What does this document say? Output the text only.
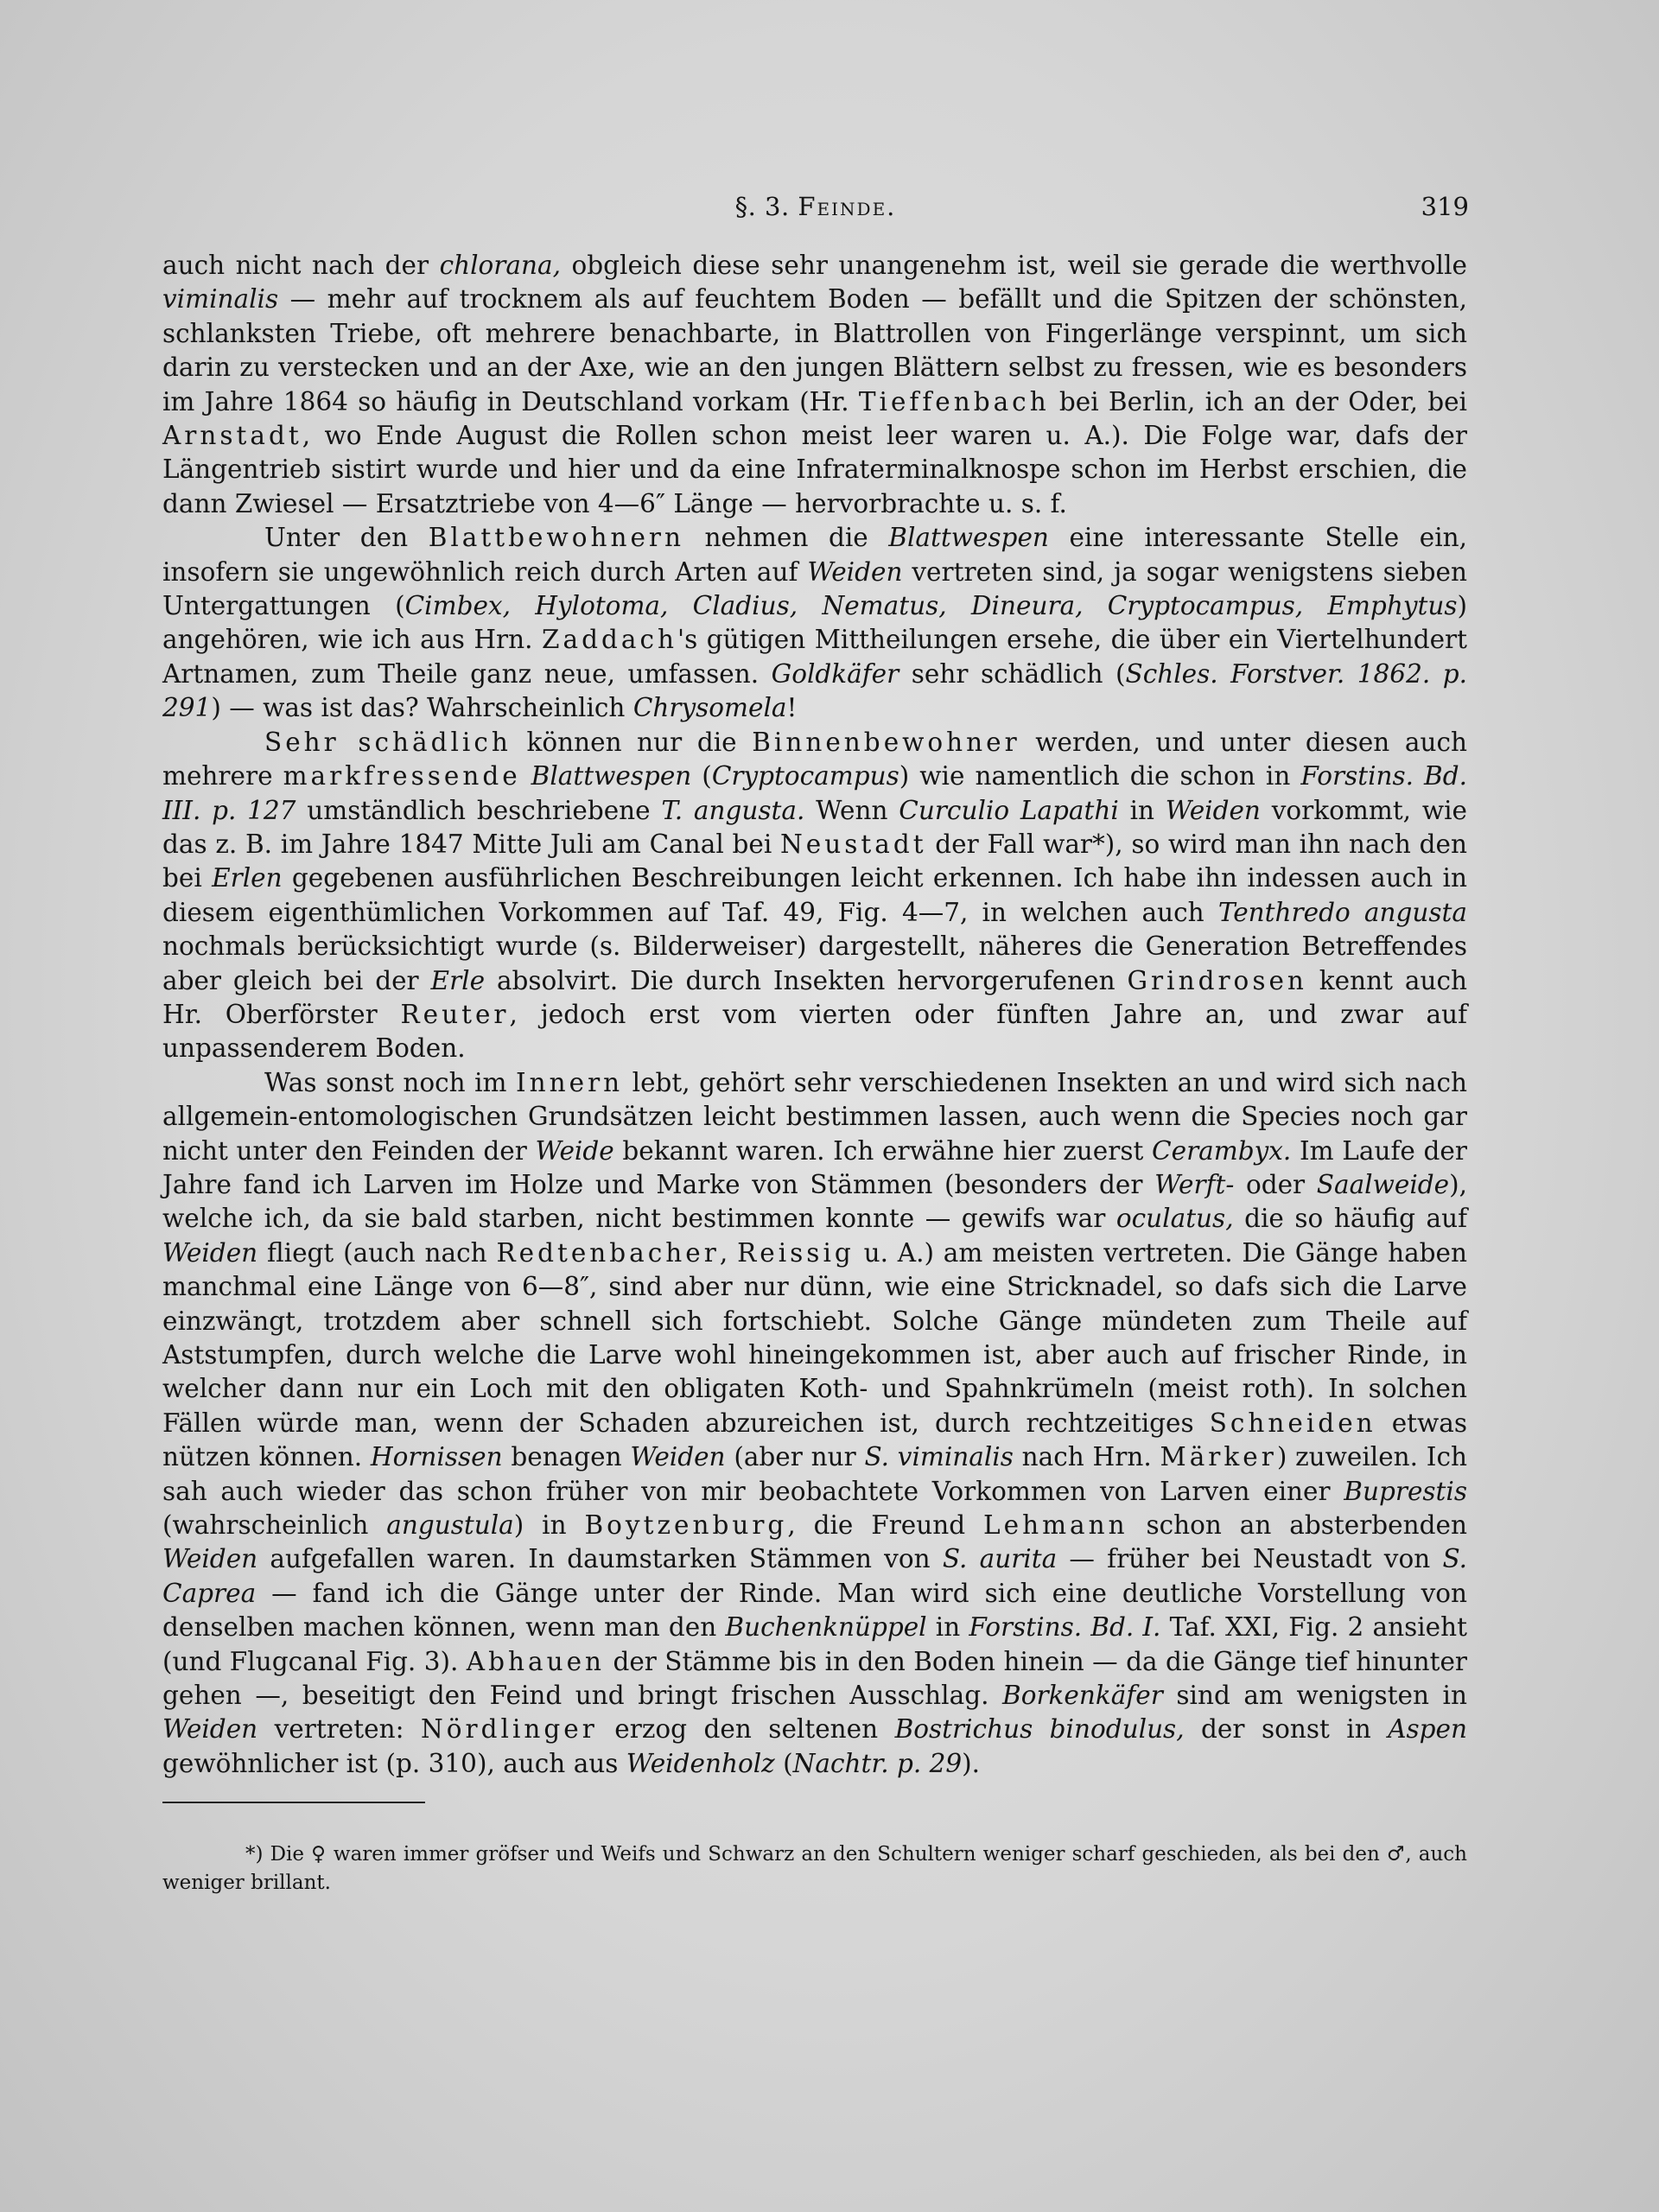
§. 3. Feinde.	319

auch nicht nach der chlorana, obgleich diese sehr unangenehm ist, weil sie gerade die werthvolle viminalis — mehr auf trocknem als auf feuchtem Boden — befällt und die Spitzen der schönsten, schlanksten Triebe, oft mehrere benachbarte, in Blattrollen von Fingerlänge verspinnt, um sich darin zu verstecken und an der Axe, wie an den jungen Blättern selbst zu fressen, wie es besonders im Jahre 1864 so häufig in Deutschland vorkam (Hr. Tieffenbach bei Berlin, ich an der Oder, bei Arnstadt, wo Ende August die Rollen schon meist leer waren u. A.). Die Folge war, dafs der Längentrieb sistirt wurde und hier und da eine Infraterminalknospe schon im Herbst erschien, die dann Zwiesel — Ersatztriebe von 4—6″ Länge — hervorbrachte u. s. f.

Unter den Blattbewohnern nehmen die Blattwespen eine interessante Stelle ein, insofern sie ungewöhnlich reich durch Arten auf Weiden vertreten sind, ja sogar wenigstens sieben Untergattungen (Cimbex, Hylotoma, Cladius, Nematus, Dineura, Cryptocampus, Emphytus) angehören, wie ich aus Hrn. Zaddach's gütigen Mittheilungen ersehe, die über ein Viertelhundert Artnamen, zum Theile ganz neue, umfassen. Goldkäfer sehr schädlich (Schles. Forstver. 1862. p. 291) — was ist das? Wahrscheinlich Chrysomela!

Sehr schädlich können nur die Binnenbewohner werden, und unter diesen auch mehrere markfressende Blattwespen (Cryptocampus) wie namentlich die schon in Forstins. Bd. III. p. 127 umständlich beschriebene T. angusta. Wenn Curculio Lapathi in Weiden vorkommt, wie das z. B. im Jahre 1847 Mitte Juli am Canal bei Neustadt der Fall war*), so wird man ihn nach den bei Erlen gegebenen ausführlichen Beschreibungen leicht erkennen. Ich habe ihn indessen auch in diesem eigenthümlichen Vorkommen auf Taf. 49, Fig. 4—7, in welchen auch Tenthredo angusta nochmals berücksichtigt wurde (s. Bilderweiser) dargestellt, näheres die Generation Betreffendes aber gleich bei der Erle absolvirt. Die durch Insekten hervorgerufenen Grindrosen kennt auch Hr. Oberförster Reuter, jedoch erst vom vierten oder fünften Jahre an, und zwar auf unpassenderem Boden.

Was sonst noch im Innern lebt, gehört sehr verschiedenen Insekten an und wird sich nach allgemein-entomologischen Grundsätzen leicht bestimmen lassen, auch wenn die Species noch gar nicht unter den Feinden der Weide bekannt waren. Ich erwähne hier zuerst Cerambyx. Im Laufe der Jahre fand ich Larven im Holze und Marke von Stämmen (besonders der Werft- oder Saalweide), welche ich, da sie bald starben, nicht bestimmen konnte — gewifs war oculatus, die so häufig auf Weiden fliegt (auch nach Redtenbacher, Reissig u. A.) am meisten vertreten. Die Gänge haben manchmal eine Länge von 6—8″, sind aber nur dünn, wie eine Stricknadel, so dafs sich die Larve einzwängt, trotzdem aber schnell sich fortschiebt. Solche Gänge mündeten zum Theile auf Aststumpfen, durch welche die Larve wohl hineingekommen ist, aber auch auf frischer Rinde, in welcher dann nur ein Loch mit den obligaten Koth- und Spahnkrümeln (meist roth). In solchen Fällen würde man, wenn der Schaden abzureichen ist, durch rechtzeitiges Schneiden etwas nützen können. Hornissen benagen Weiden (aber nur S. viminalis nach Hrn. Märker) zuweilen. Ich sah auch wieder das schon früher von mir beobachtete Vorkommen von Larven einer Buprestis (wahrscheinlich angustula) in Boytzenburg, die Freund Lehmann schon an absterbenden Weiden aufgefallen waren. In daumstarken Stämmen von S. aurita — früher bei Neustadt von S. Caprea — fand ich die Gänge unter der Rinde. Man wird sich eine deutliche Vorstellung von denselben machen können, wenn man den Buchenknüppel in Forstins. Bd. I. Taf. XXI, Fig. 2 ansieht (und Flugcanal Fig. 3). Abhauen der Stämme bis in den Boden hinein — da die Gänge tief hinunter gehen —, beseitigt den Feind und bringt frischen Ausschlag. Borkenkäfer sind am wenigsten in Weiden vertreten: Nördlinger erzog den seltenen Bostrichus binodulus, der sonst in Aspen gewöhnlicher ist (p. 310), auch aus Weidenholz (Nachtr. p. 29).

*) Die ♀ waren immer gröfser und Weifs und Schwarz an den Schultern weniger scharf geschieden, als bei den ♂, auch weniger brillant.
